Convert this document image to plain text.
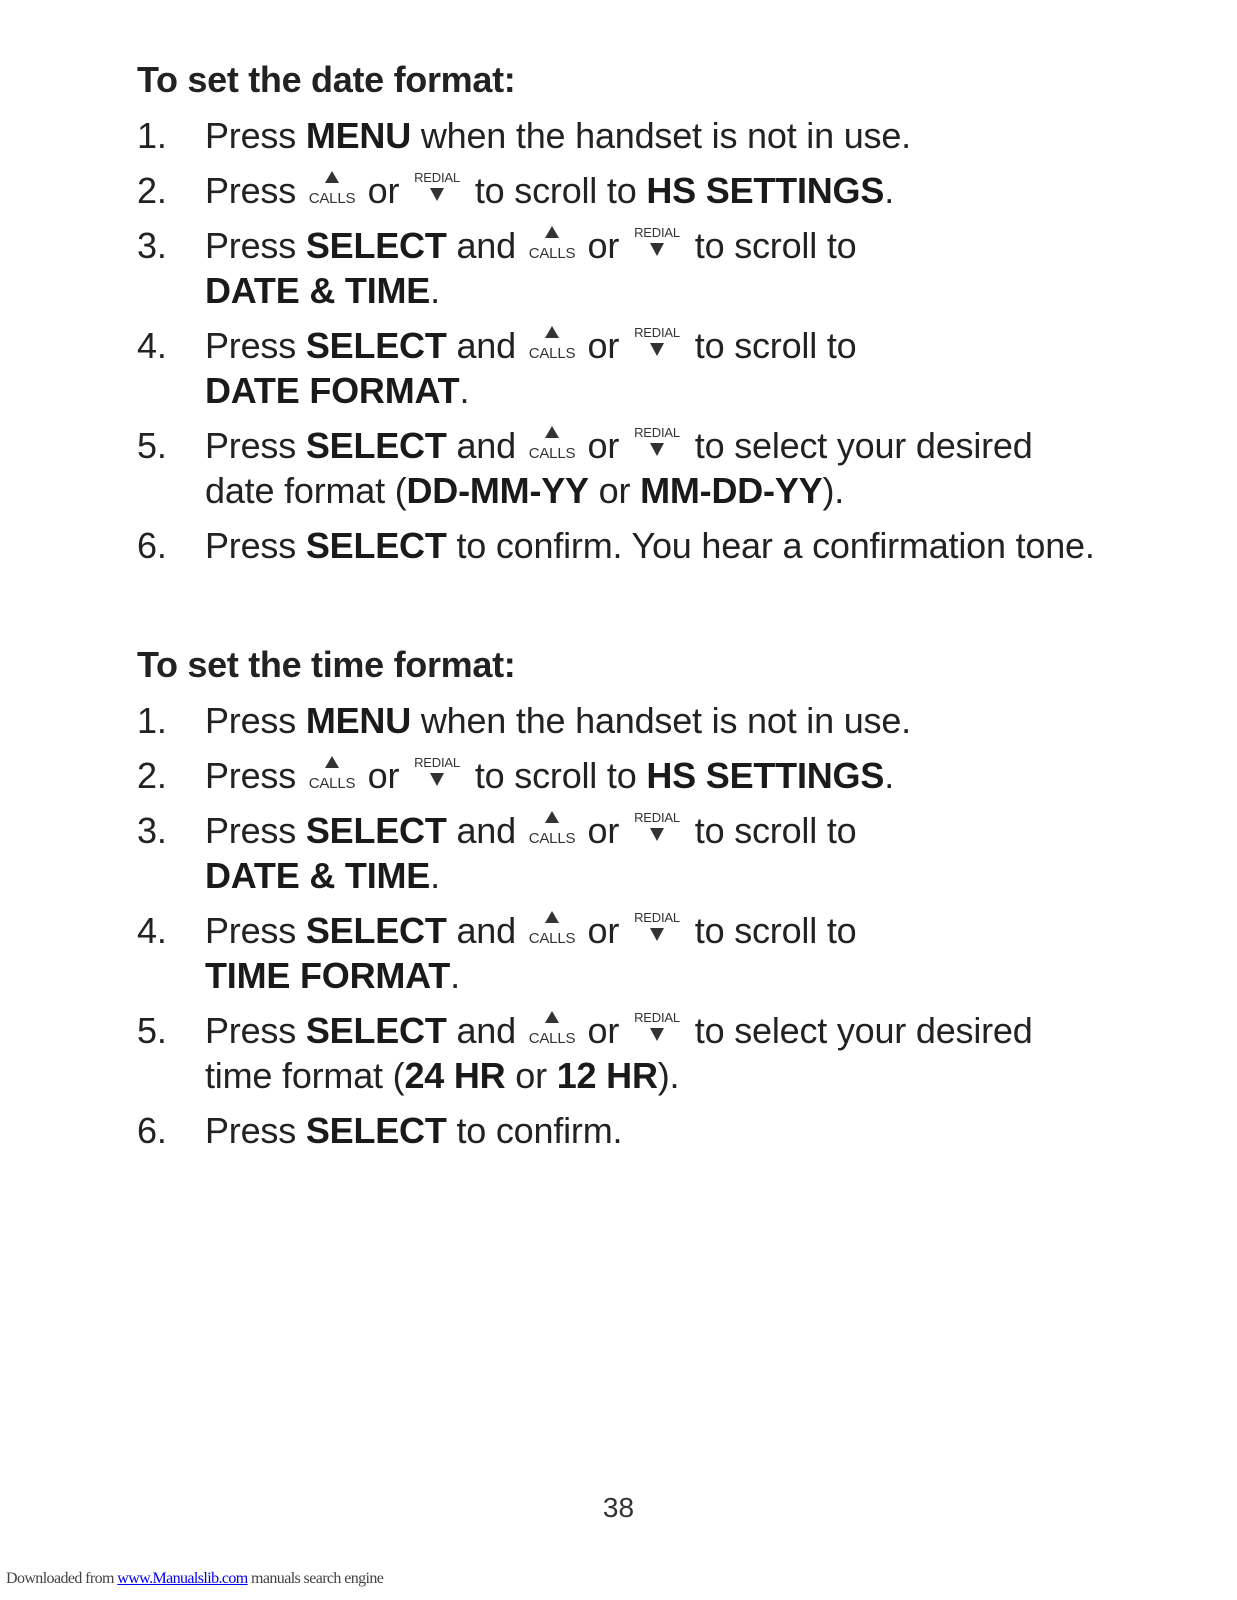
To set the date format:
1. Press MENU when the handset is not in use.
2. Press CALLS or REDIAL to scroll to HS SETTINGS.
3. Press SELECT and CALLS or REDIAL to scroll to
DATE & TIME.
4. Press SELECT and CALLS or REDIAL to scroll to
DATE FORMAT.
5. Press SELECT and CALLS or REDIAL to select your desired date format (DD-MM-YY or MM-DD-YY).
6. Press SELECT to confirm. You hear a confirmation tone.
To set the time format:
1. Press MENU when the handset is not in use.
2. Press CALLS or REDIAL to scroll to HS SETTINGS.
3. Press SELECT and CALLS or REDIAL to scroll to
DATE & TIME.
4. Press SELECT and CALLS or REDIAL to scroll to
TIME FORMAT.
5. Press SELECT and CALLS or REDIAL to select your desired time format (24 HR or 12 HR).
6. Press SELECT to confirm.
38
Downloaded from www.Manualslib.com manuals search engine
